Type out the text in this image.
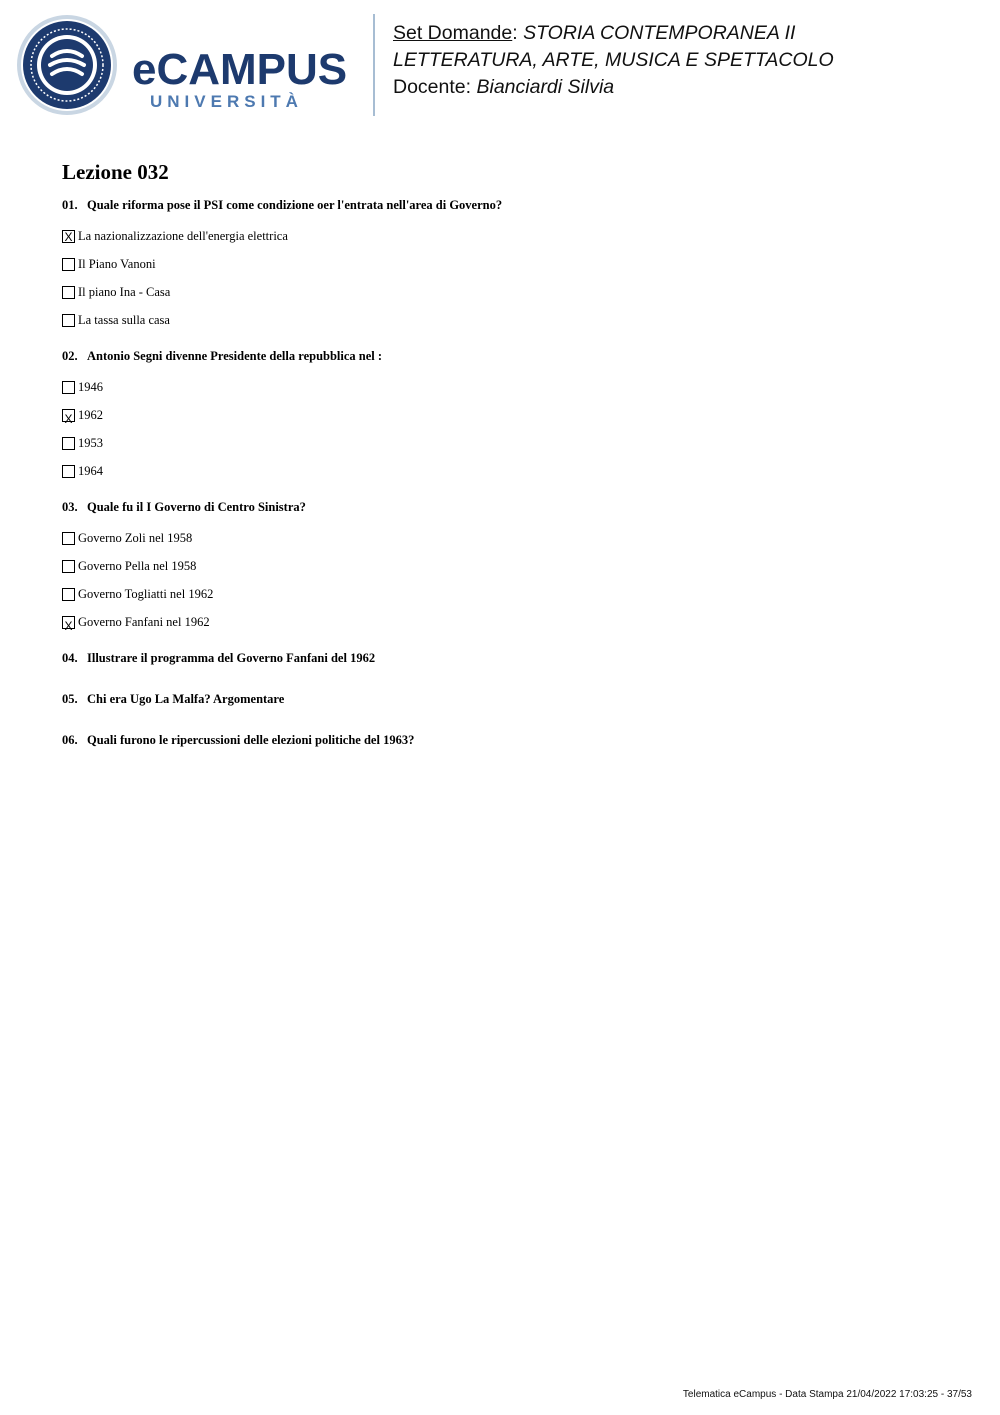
eCAMPUS
UNIVERSITÀ
Set Domande: STORIA CONTEMPORANEA II
LETTERATURA, ARTE, MUSICA E SPETTACOLO
Docente: Bianciardi Silvia
Lezione 032
01. Quale riforma pose il PSI come condizione oer l'entrata nell'area di Governo?
X La nazionalizzazione dell'energia elettrica
Il Piano Vanoni
Il piano Ina - Casa
La tassa sulla casa
02. Antonio Segni divenne Presidente della repubblica nel :
1946
X 1962
1953
1964
03. Quale fu il I Governo di Centro Sinistra?
Governo Zoli nel 1958
Governo Pella nel 1958
Governo Togliatti nel 1962
X Governo Fanfani nel 1962
04. Illustrare il programma del Governo Fanfani del 1962
05. Chi era Ugo La Malfa? Argomentare
06. Quali furono le ripercussioni delle elezioni politiche del 1963?
Telematica eCampus - Data Stampa 21/04/2022 17:03:25 - 37/53
